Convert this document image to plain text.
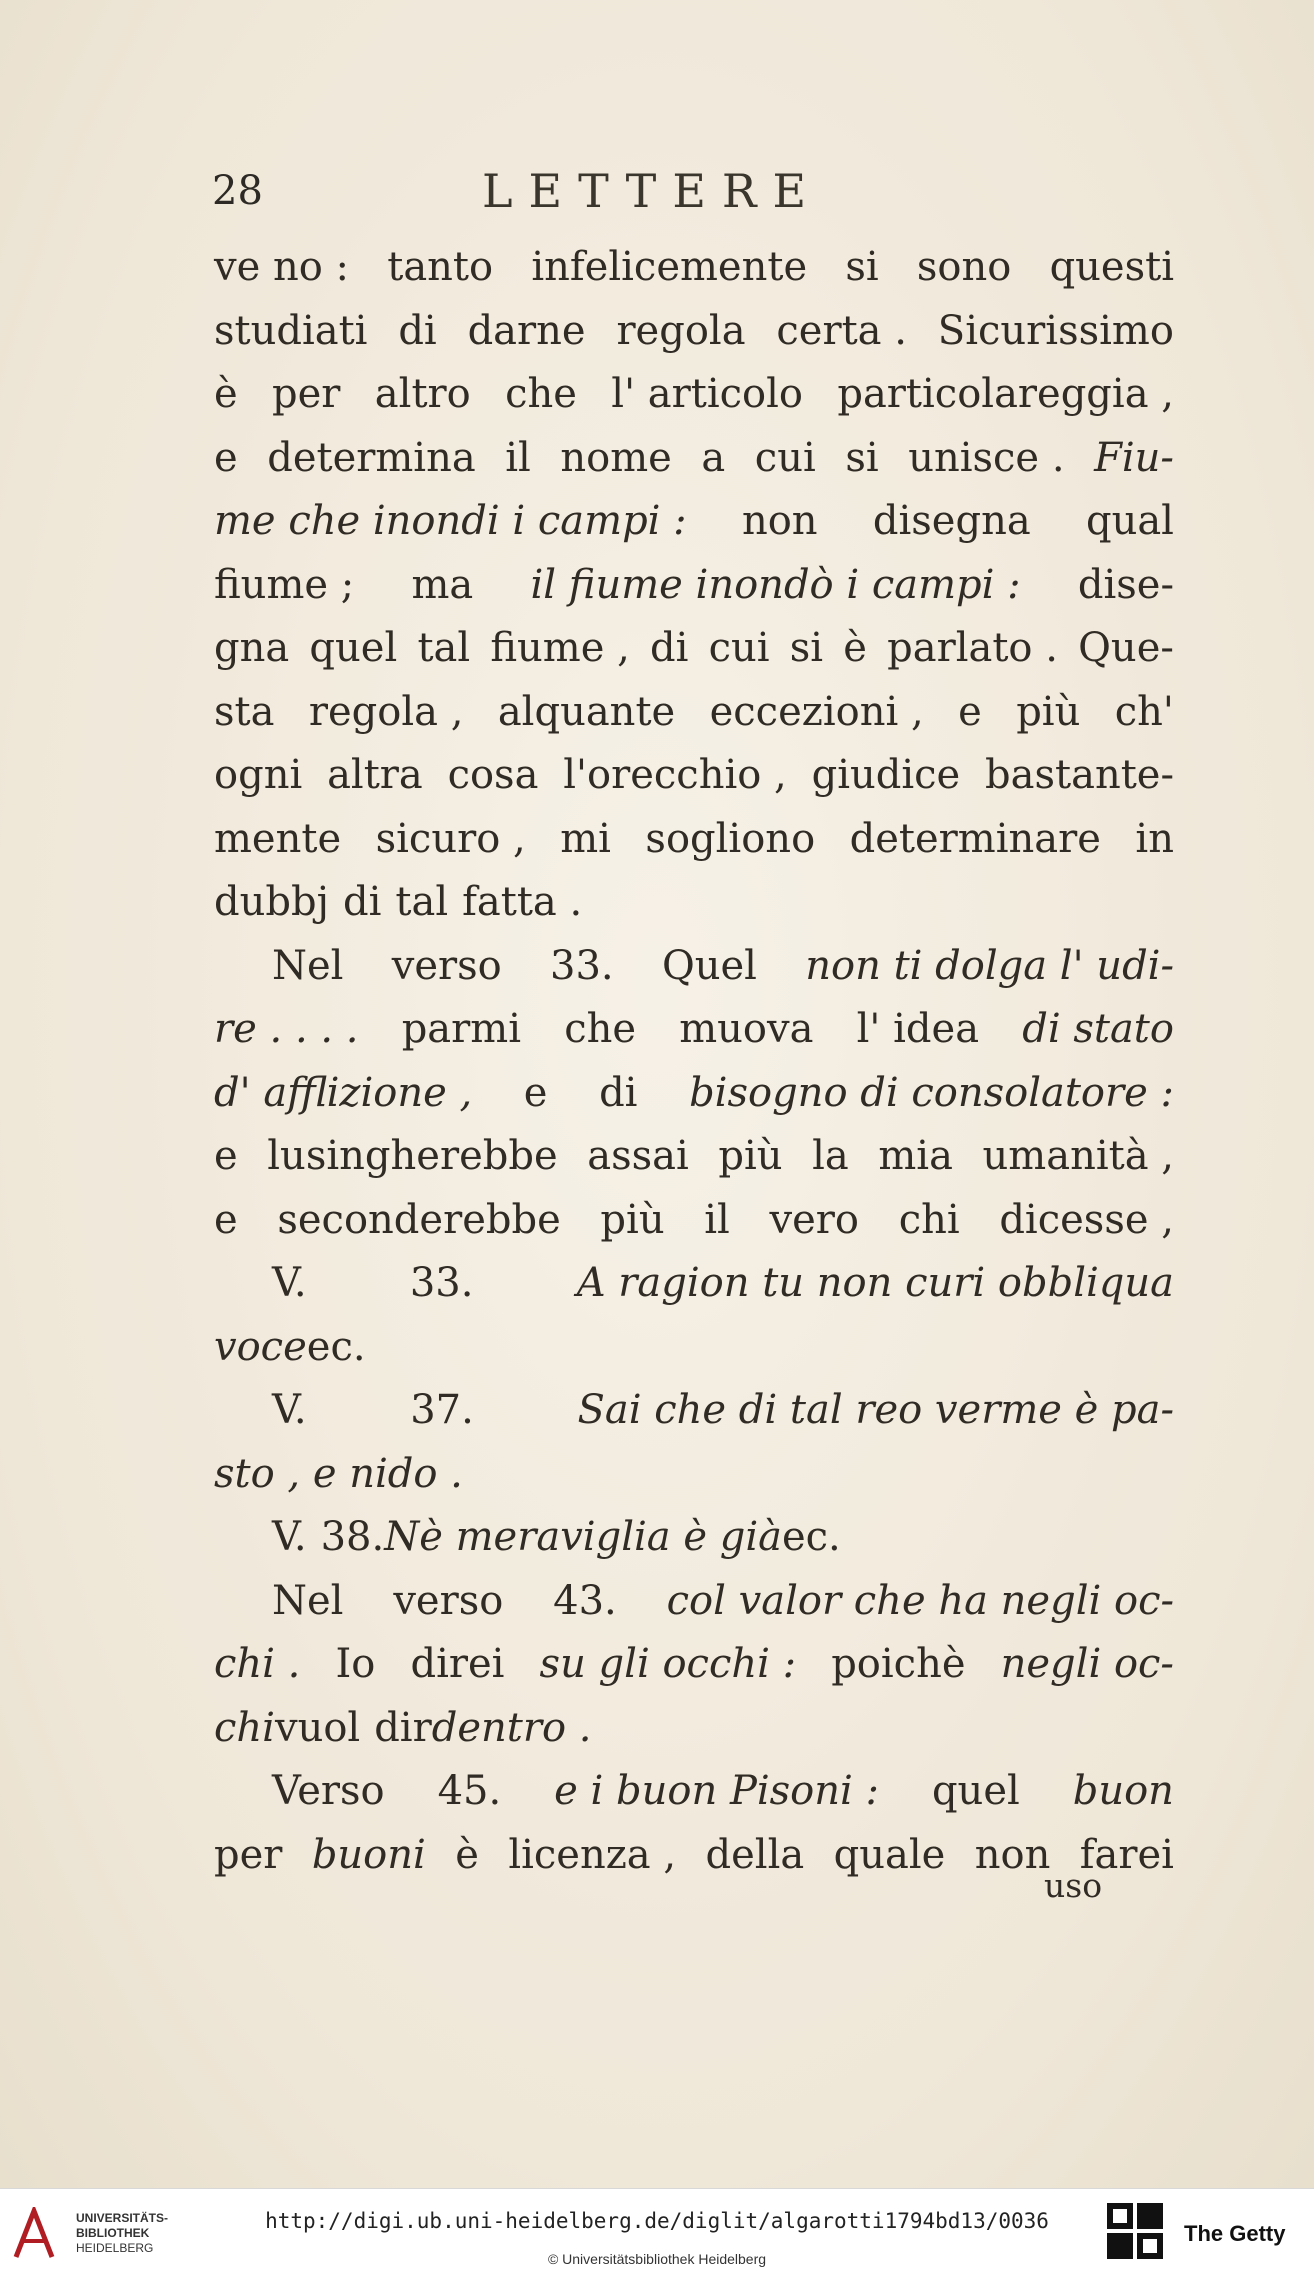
28	LETTERE
ve no : tanto infelicemente si sono questi
studiati di darne regola certa . Sicurissimo
è per altro che l' articolo particolareggia ,
e determina il nome a cui si unisce . Fiu-
me che inondi i campi : non disegna qual
fiume ; ma il fiume inondò i campi : dise-
gna quel tal fiume , di cui si è parlato . Que-
sta regola , alquante eccezioni , e più ch'
ogni altra cosa l'orecchio , giudice bastante-
mente sicuro , mi sogliono determinare in
dubbj di tal fatta .
Nel verso 33. Quel non ti dolga l' udi-
re . . . . parmi che muova l' idea di stato
d' afflizione , e di bisogno di consolatore :
e lusingherebbe assai più la mia umanità ,
e seconderebbe più il vero chi dicesse ,
V.	33.	A ragion tu non curi obbliqua
voce ec.
V.	37.	Sai che di tal reo verme è pa-
sto , e nido .
V. 38. Nè meraviglia è già ec.
Nel verso 43. col valor che ha negli oc-
chi . Io direi su gli occhi : poichè negli oc-
chi vuol dir dentro .
Verso 45. e i buon Pisoni : quel buon
per buoni è licenza , della quale non farei
uso
UNIVERSITÄTS-
BIBLIOTHEK
HEIDELBERG
http://digi.ub.uni-heidelberg.de/diglit/algarotti1794bd13/0036
© Universitätsbibliothek Heidelberg
The Getty
